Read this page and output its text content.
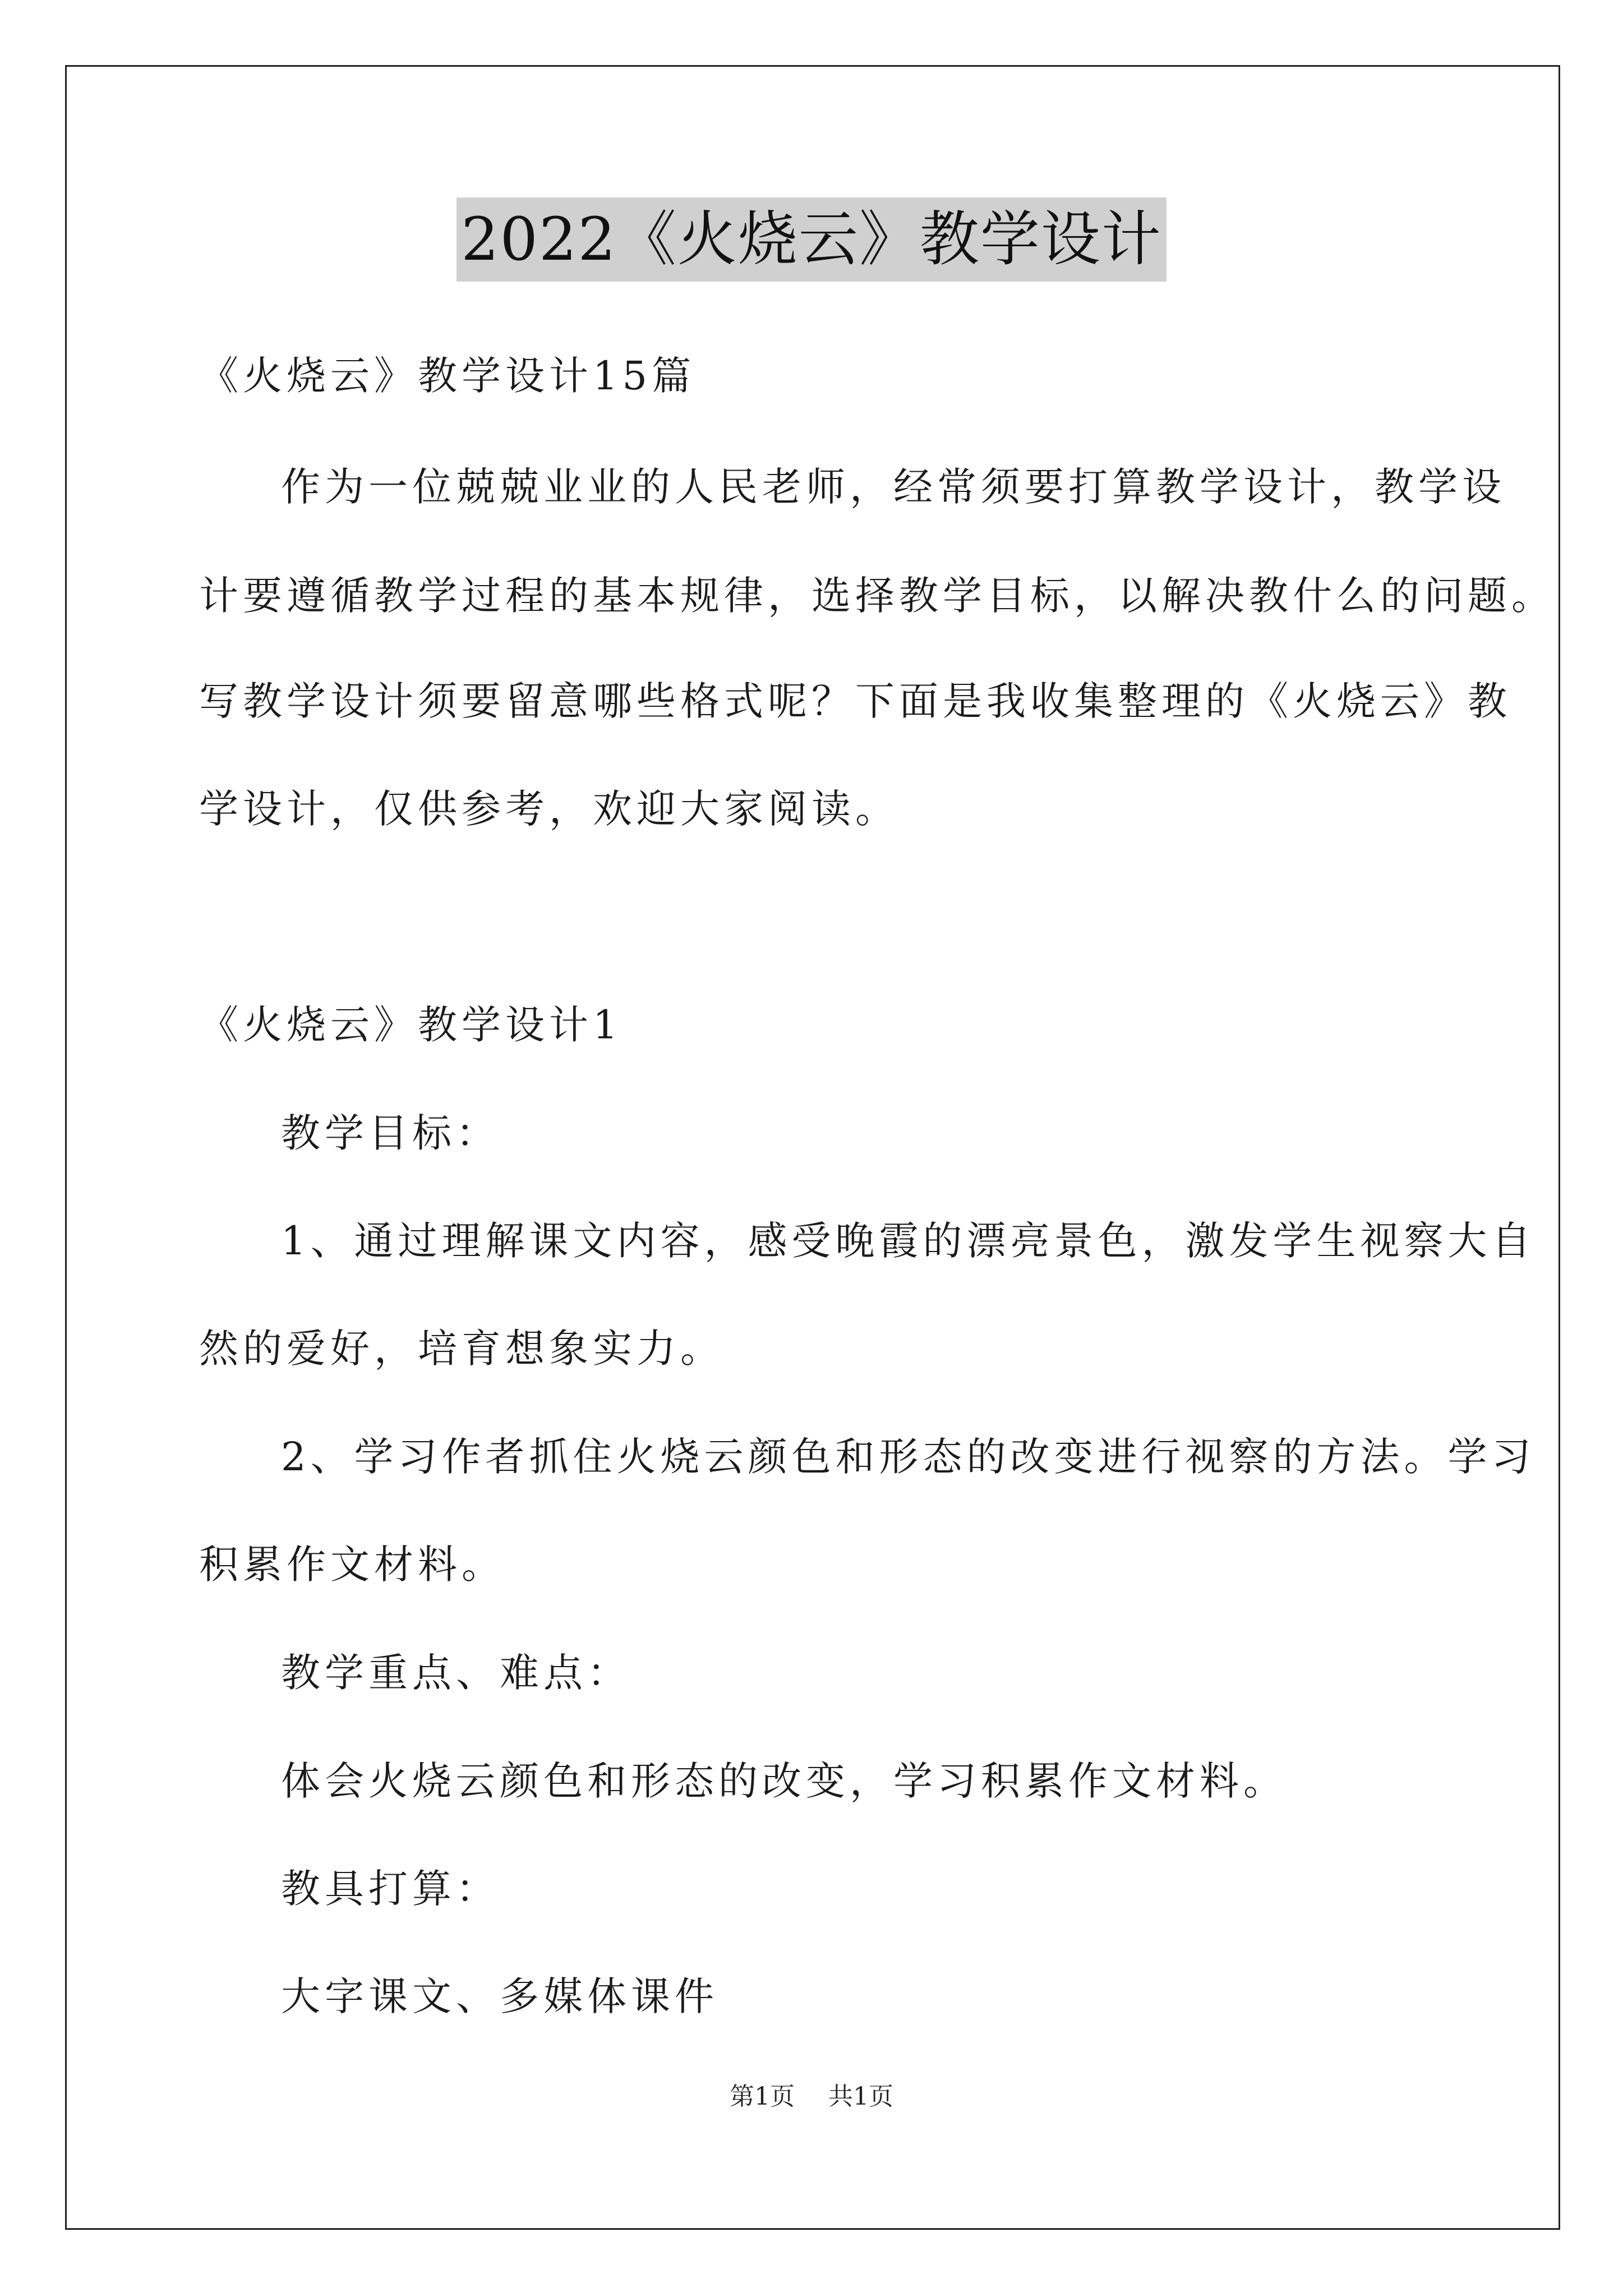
2022《火烧云》教学设计
《火烧云》教学设计15篇
作为一位兢兢业业的人民老师，经常须要打算教学设计，教学设
计要遵循教学过程的基本规律，选择教学目标，以解决教什么的问题。
写教学设计须要留意哪些格式呢？下面是我收集整理的《火烧云》教
学设计，仅供参考，欢迎大家阅读。
《火烧云》教学设计1
教学目标：
1、通过理解课文内容，感受晚霞的漂亮景色，激发学生视察大自
然的爱好，培育想象实力。
2、学习作者抓住火烧云颜色和形态的改变进行视察的方法。学习
积累作文材料。
教学重点、难点：
体会火烧云颜色和形态的改变，学习积累作文材料。
教具打算：
大字课文、多媒体课件
第1页 共1页
